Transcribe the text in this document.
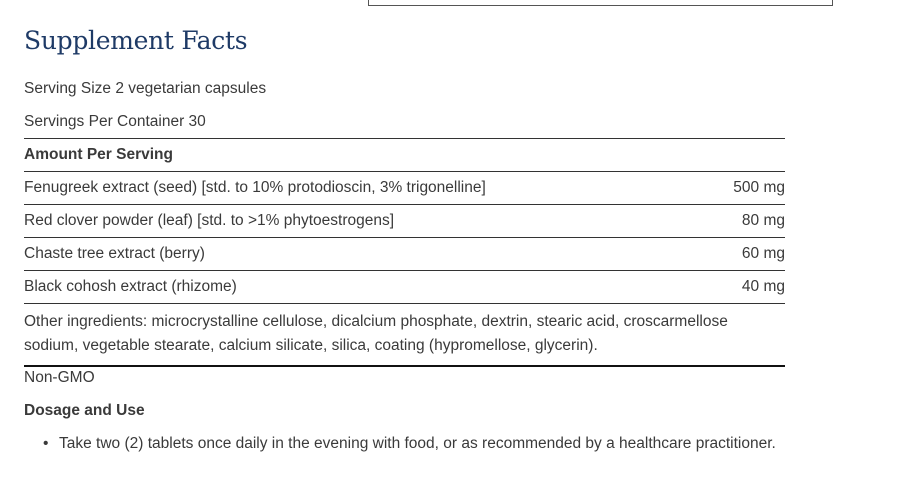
Supplement Facts
Serving Size 2 vegetarian capsules
Servings Per Container 30
Amount Per Serving
Fenugreek extract (seed) [std. to 10% protodioscin, 3% trigonelline]	500 mg
Red clover powder (leaf) [std. to >1% phytoestrogens]	80 mg
Chaste tree extract (berry)	60 mg
Black cohosh extract (rhizome)	40 mg
Other ingredients: microcrystalline cellulose, dicalcium phosphate, dextrin, stearic acid, croscarmellose sodium, vegetable stearate, calcium silicate, silica, coating (hypromellose, glycerin).
Non-GMO
Dosage and Use
• Take two (2) tablets once daily in the evening with food, or as recommended by a healthcare practitioner.
